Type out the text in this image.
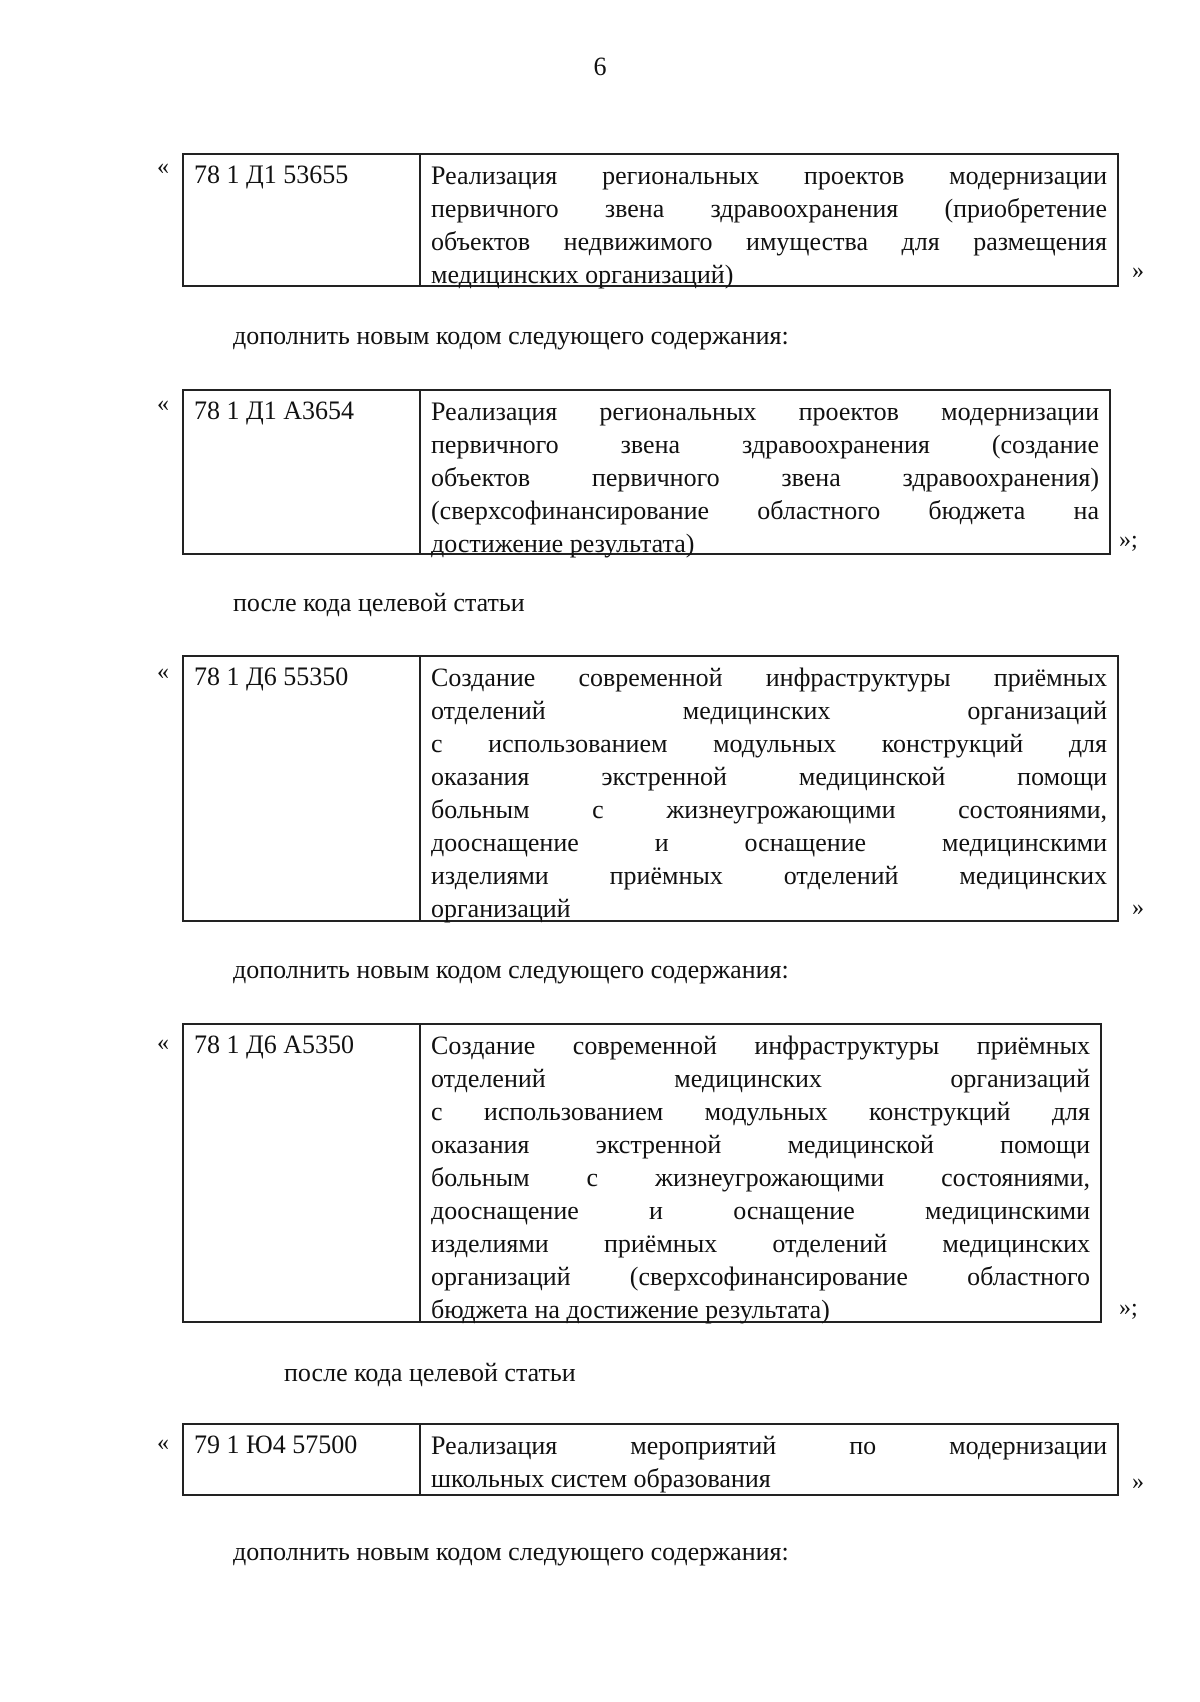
6
« 78 1 Д1 53655	Реализация региональных проектов модернизации
первичного звена здравоохранения (приобретение
объектов недвижимого имущества для размещения
медицинских организаций)	»
дополнить новым кодом следующего содержания:
« 78 1 Д1 А3654	Реализация региональных проектов модернизации
первичного звена здравоохранения (создание
объектов первичного звена здравоохранения)
(сверхсофинансирование областного бюджета на
достижение результата)	»;
после кода целевой статьи
« 78 1 Д6 55350	Создание современной инфраструктуры приёмных
отделений медицинских организаций
с использованием модульных конструкций для
оказания экстренной медицинской помощи
больным с жизнеугрожающими состояниями,
дооснащение и оснащение медицинскими
изделиями приёмных отделений медицинских
организаций	»
дополнить новым кодом следующего содержания:
« 78 1 Д6 А5350	Создание современной инфраструктуры приёмных
отделений медицинских организаций
с использованием модульных конструкций для
оказания экстренной медицинской помощи
больным с жизнеугрожающими состояниями,
дооснащение и оснащение медицинскими
изделиями приёмных отделений медицинских
организаций (сверхсофинансирование областного
бюджета на достижение результата)	»;
после кода целевой статьи
« 79 1 Ю4 57500	Реализация мероприятий по модернизации
школьных систем образования	»
дополнить новым кодом следующего содержания:
